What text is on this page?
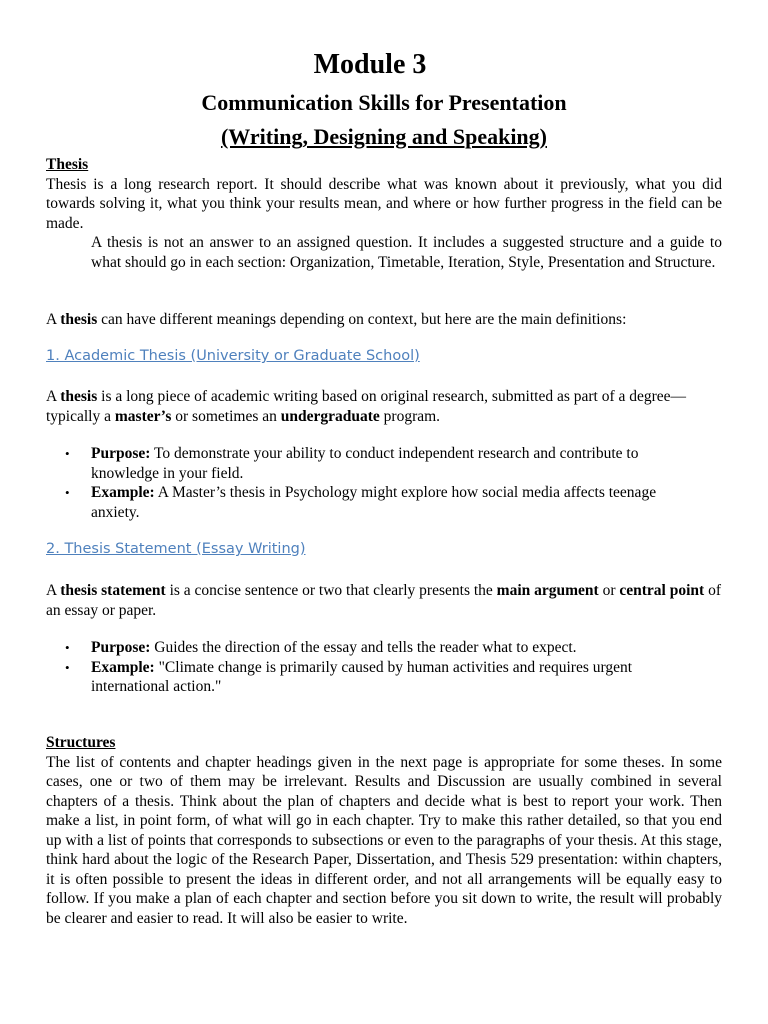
Module 3
Communication Skills for Presentation
(Writing, Designing and Speaking)
Thesis
Thesis is a long research report. It should describe what was known about it previously, what you did towards solving it, what you think your results mean, and where or how further progress in the field can be made.
A thesis is not an answer to an assigned question. It includes a suggested structure and a guide to what should go in each section: Organization, Timetable, Iteration, Style, Presentation and Structure.
A thesis can have different meanings depending on context, but here are the main definitions:
1. Academic Thesis (University or Graduate School)
A thesis is a long piece of academic writing based on original research, submitted as part of a degree—typically a master’s or sometimes an undergraduate program.
• Purpose: To demonstrate your ability to conduct independent research and contribute to knowledge in your field.
• Example: A Master’s thesis in Psychology might explore how social media affects teenage anxiety.
2. Thesis Statement (Essay Writing)
A thesis statement is a concise sentence or two that clearly presents the main argument or central point of an essay or paper.
• Purpose: Guides the direction of the essay and tells the reader what to expect.
• Example: "Climate change is primarily caused by human activities and requires urgent international action."
Structures
The list of contents and chapter headings given in the next page is appropriate for some theses. In some cases, one or two of them may be irrelevant. Results and Discussion are usually combined in several chapters of a thesis. Think about the plan of chapters and decide what is best to report your work. Then make a list, in point form, of what will go in each chapter. Try to make this rather detailed, so that you end up with a list of points that corresponds to subsections or even to the paragraphs of your thesis. At this stage, think hard about the logic of the Research Paper, Dissertation, and Thesis 529 presentation: within chapters, it is often possible to present the ideas in different order, and not all arrangements will be equally easy to follow. If you make a plan of each chapter and section before you sit down to write, the result will probably be clearer and easier to read. It will also be easier to write.
